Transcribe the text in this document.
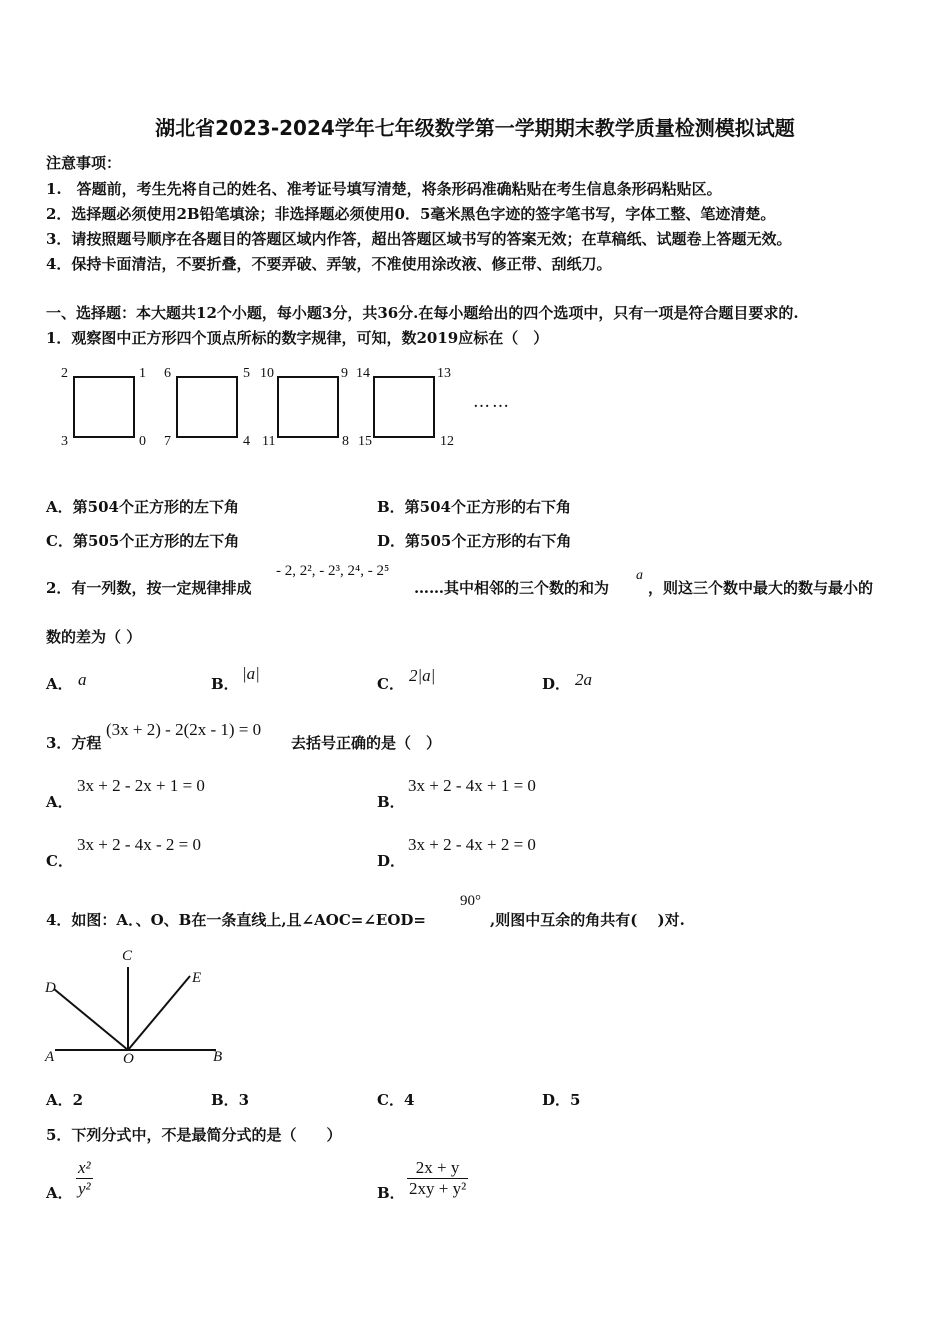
湖北省2023-2024学年七年级数学第一学期期末教学质量检测模拟试题
注意事项：
1.　答题前，考生先将自己的姓名、准考证号填写清楚，将条形码准确粘贴在考生信息条形码粘贴区。
2．选择题必须使用2B铅笔填涂；非选择题必须使用0．5毫米黑色字迹的签字笔书写，字体工整、笔迹清楚。
3．请按照题号顺序在各题目的答题区域内作答，超出答题区域书写的答案无效；在草稿纸、试题卷上答题无效。
4．保持卡面清洁，不要折叠，不要弄破、弄皱，不准使用涂改液、修正带、刮纸刀。
一、选择题：本大题共12个小题，每小题3分，共36分.在每小题给出的四个选项中，只有一项是符合题目要求的.
1．观察图中正方形四个顶点所标的数字规律，可知，数2019应标在（　）
2	1
3	0
6	5
7	4
10	9
11	8
14	13
15	12
……
A．第504个正方形的左下角	B．第504个正方形的右下角
C．第505个正方形的左下角	D．第505个正方形的右下角
2．有一列数，按一定规律排成
- 2, 2², - 2³, 2⁴, - 2⁵
……其中相邻的三个数的和为
a
，则这三个数中最大的数与最小的
数的差为（ ）
A． a	B．
|a|
C． 2|a|	D． 2a
3．方程
(3x + 2) - 2(2x - 1) = 0
去括号正确的是（　）
A．
3x + 2 - 2x + 1 = 0
B．
3x + 2 - 4x + 1 = 0
C．
3x + 2 - 4x - 2 = 0
D．
3x + 2 - 4x + 2 = 0
4．如图：A．、O、B在一条直线上,且∠AOC=∠EOD=
90°
,则图中互余的角共有(　 )对.
A	B
C
D
E
O
A．2	B．3	C．4	D．5
5．下列分式中，不是最简分式的是（　　）
A． $\frac{\text{x²}}{\text{y²}}$	B． $\frac{2x + y}{\text{2xy + y²}}$
